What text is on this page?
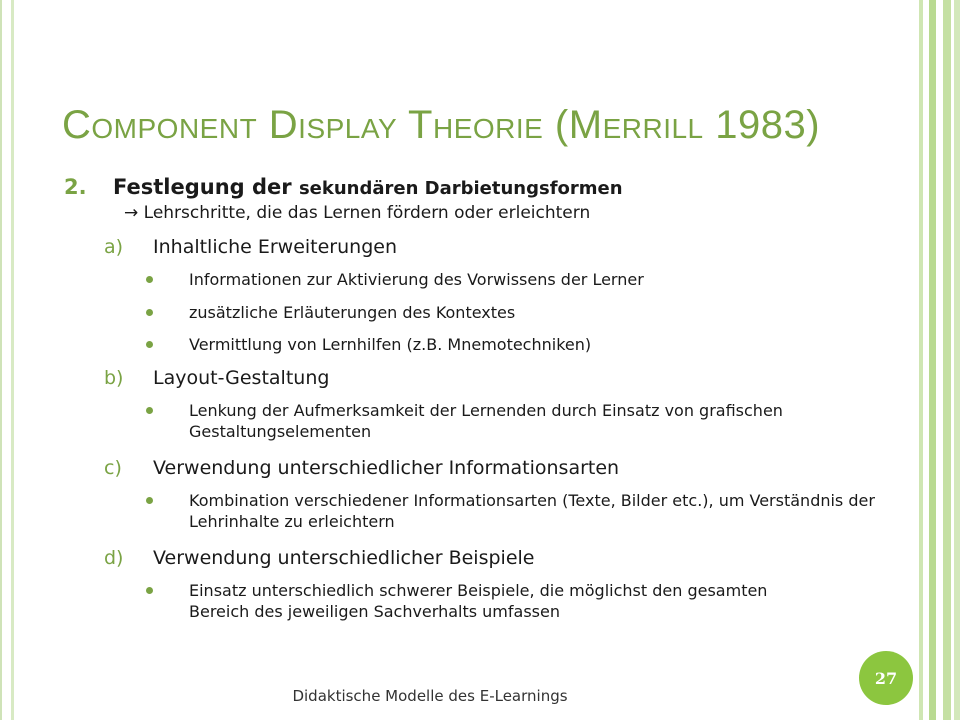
Component Display Theorie (Merrill 1983)
2. Festlegung der sekundären Darbietungsformen
→ Lehrschritte, die das Lernen fördern oder erleichtern
a) Inhaltliche Erweiterungen
Informationen zur Aktivierung des Vorwissens der Lerner
zusätzliche Erläuterungen des Kontextes
Vermittlung von Lernhilfen (z.B. Mnemotechniken)
b) Layout-Gestaltung
Lenkung der Aufmerksamkeit der Lernenden durch Einsatz von grafischen Gestaltungselementen
c) Verwendung unterschiedlicher Informationsarten
Kombination verschiedener Informationsarten (Texte, Bilder etc.), um Verständnis der Lehrinhalte zu erleichtern
d) Verwendung unterschiedlicher Beispiele
Einsatz unterschiedlich schwerer Beispiele, die möglichst den gesamten Bereich des jeweiligen Sachverhalts umfassen
Didaktische Modelle des E-Learnings
27
